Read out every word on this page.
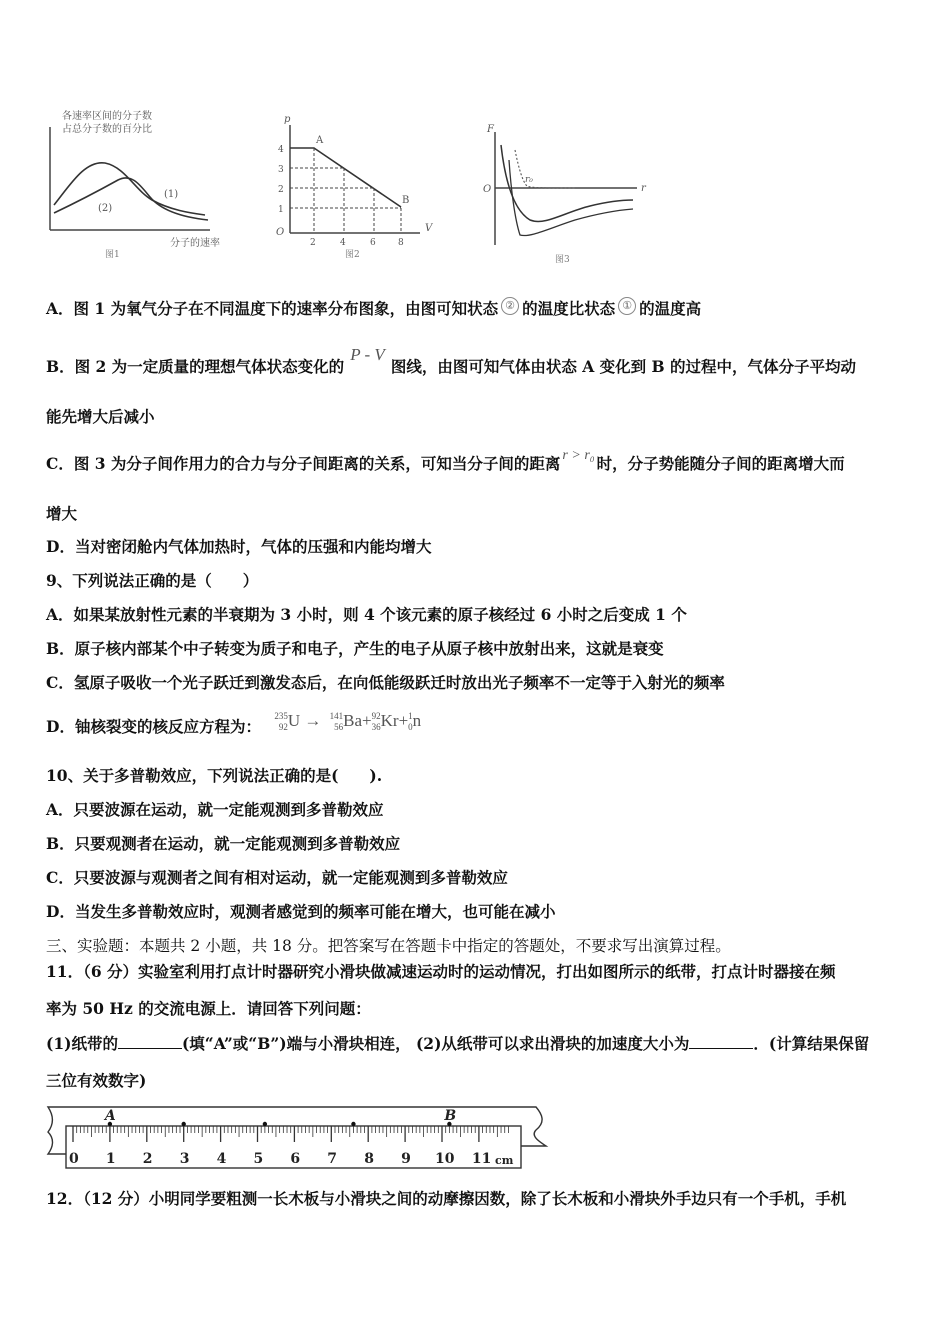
各速率区间的分子数
占总分子数的百分比
(1)
(2)
分子的速率
图1
p
V
O
4
3
2
1
2	4	6 8
A
B
图2
F
r
O
r₀
图3
A．图 1 为氧气分子在不同温度下的速率分布图象，由图可知状态 ② 的温度比状态 ① 的温度高
B．图 2 为一定质量的理想气体状态变化的P - V图线，由图可知气体由状态 A 变化到 B 的过程中，气体分子平均动
能先增大后减小
C．图 3 为分子间作用力的合力与分子间距离的关系，可知当分子间的距离 r > r₀ 时，分子势能随分子间的距离增大而
增大
D．当对密闭舱内气体加热时，气体的压强和内能均增大
9、下列说法正确的是（　　）
A．如果某放射性元素的半衰期为 3 小时，则 4 个该元素的原子核经过 6 小时之后变成 1 个
B．原子核内部某个中子转变为质子和电子，产生的电子从原子核中放射出来，这就是衰变
C．氢原子吸收一个光子跃迁到激发态后，在向低能级跃迁时放出光子频率不一定等于入射光的频率
D．铀核裂变的核反应方程为： 235
92U → 141
56Ba+92
36Kr+1
0n
10、关于多普勒效应，下列说法正确的是(　　).
A．只要波源在运动，就一定能观测到多普勒效应
B．只要观测者在运动，就一定能观测到多普勒效应
C．只要波源与观测者之间有相对运动，就一定能观测到多普勒效应
D．当发生多普勒效应时，观测者感觉到的频率可能在增大，也可能在减小
三、实验题：本题共 2 小题，共 18 分。把答案写在答题卡中指定的答题处，不要求写出演算过程。
11．（6 分）实验室利用打点计时器研究小滑块做减速运动时的运动情况，打出如图所示的纸带，打点计时器接在频
率为 50 Hz 的交流电源上．请回答下列问题：
(1)纸带的	(填“A”或“B”)端与小滑块相连， (2)从纸带可以求出滑块的加速度大小为	．(计算结果保留
三位有效数字)
0 1 2 3 4 5 6 7 8 9 10 11
A	B
cm
12．（12 分）小明同学要粗测一长木板与小滑块之间的动摩擦因数，除了长木板和小滑块外手边只有一个手机，手机
